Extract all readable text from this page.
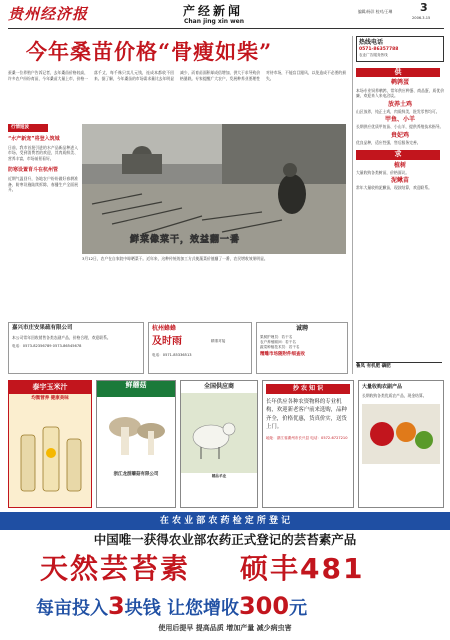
贵州经济报	产经新闻
Chan jing xin wen
编辑/杨洋 校对/王琳	3
2006.3.15
今年桑苗价格“骨瘦如柴”

蚕桑一位养殖户告诉记者，去年桑苗价格较高，许多农户纷纷育苗，今年桑苗大量上市，价格一落千丈，每千株只卖几元钱，连成本都收不回来。据了解，今年桑苗的市场需求量比去年明显减少，而育苗面积却成倍增加，供大于求导致价格暴跌。专家提醒广大农户，发展种养业要理性对待市场，不能盲目跟风，以免造成不必要的损失。

行情短波
“水产新宠”将登入筑城

日前，我市首批引进的水产品新品种进入市场，受到消费者的欢迎，其肉质鲜美、营养丰富，市场前景看好。

防寒设置育斗在杭州管

近期气温回升，各地农户纷纷做好春耕准备，防寒设施陆续拆除，春播生产全面展开。

鲜菜像菜干，效益翻一番

3月12日，农户在自家院中晾晒菜干。近年来，这种传统的加工方式使蔬菜价值翻了一番，农民增收效果明显。

嘉兴市庄安果疏有限公司

本公司常年回收销售各类农副产品，价格合理，欢迎联系。

电话：0573-82356789 0573-86545678

杭州蜂蜂
及时雨	精准对接
电话：0571-85336513
诚聘
果树护理员：若干名
农户养殖顾问：若干名
蔬菜种植技术员：若干名
精雕市场随附件细查收
热线电话
0571-86357788
农业广告服务热线
供
鹌鹑蛋

本场专业饲养鹌鹑，常年供应种蛋、商品蛋，质优价廉，欢迎来人来电洽谈。

放养土鸡

山区放养，纯正土鸡，肉质鲜美，批发零售均可。

甲鱼、小羊

长期供应优质甲鱼苗、小山羊，提供养殖技术指导。

贵妃鸡

优良品种，适应性强，售后服务完善。

求
植树

大量收购各类树苗，价格面议。

泥鳅苗

常年大量收购泥鳅苗，现款结算，欢迎联系。

鲁凤 有机肥 磷肥
泰宇玉米汁
均衡营养 健康美味
鲜蘑菇
浙江龙游蘑菇有限公司
全国供应商
精品羊业
抄 农 知 识

长年供应各种农资物料的专业机构，欢迎新老客户前来选购，品种齐全，价格优惠，货真价实，送货上门。

地址：浙江省湖州市长兴县 电话：0572-6727210

大量收购农副产品

长期收购各类优质农产品，现金结算。

在 农 业 部 农 药 检 定 所 登 记
中国唯一获得农业部农药正式登记的芸苔素产品
天然芸苔素 硕丰481
每亩投入3块钱 让您增收300元
使用后提早 提高品质 增加产量 减少病虫害
